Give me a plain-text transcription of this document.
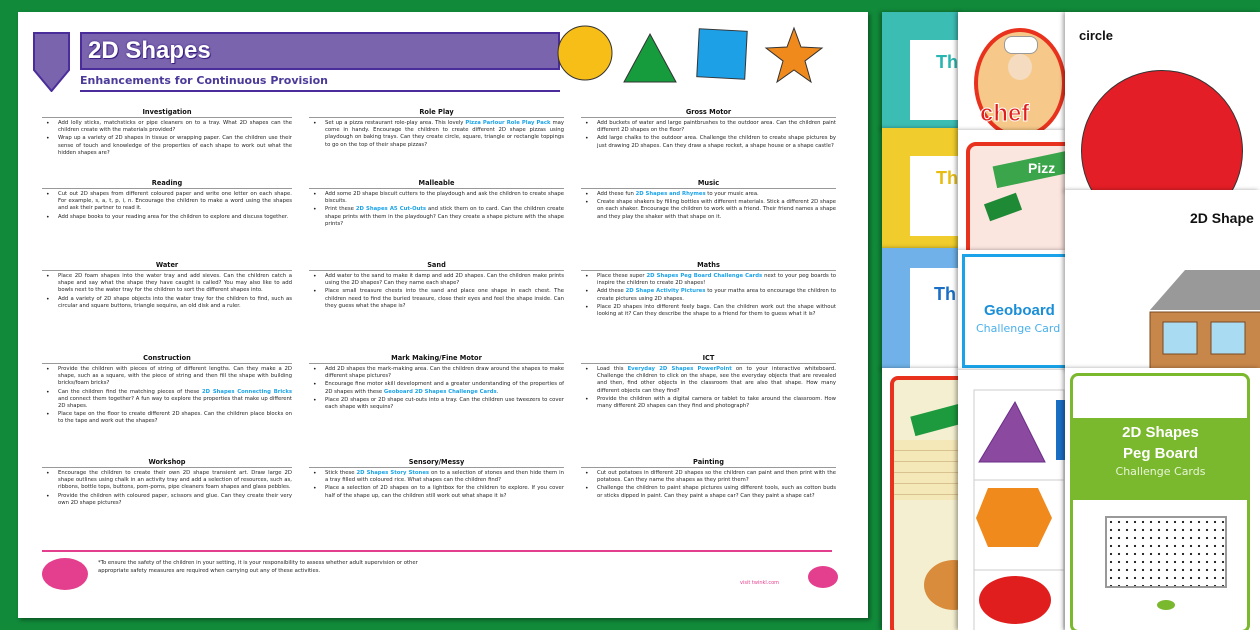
2D Shapes
Enhancements for Continuous Provision
Investigation
• Add lolly sticks, matchsticks or pipe cleaners on to a tray. What 2D shapes can the children create with the materials provided?
• Wrap up a variety of 2D shapes in tissue or wrapping paper. Can the children use their sense of touch and knowledge of the properties of each shape to work out what the hidden shapes are?
Role Play
• Set up a pizza restaurant role-play area. This lovely Pizza Parlour Role Play Pack may come in handy. Encourage the children to create different 2D shape pizzas using playdough on baking trays. Can they create circle, square, triangle or rectangle toppings to go on the top of their shape pizzas?
Gross Motor
• Add buckets of water and large paintbrushes to the outdoor area. Can the children paint different 2D shapes on the floor?
• Add large chalks to the outdoor area. Challenge the children to create shape pictures by just drawing 2D shapes. Can they draw a shape rocket, a shape house or a shape castle?
Reading
• Cut out 2D shapes from different coloured paper and write one letter on each shape. For example, s, a, t, p, i, n. Encourage the children to make a word using the shapes and ask their partner to read it.
• Add shape books to your reading area for the children to explore and discuss together.
Malleable
• Add some 2D shape biscuit cutters to the playdough and ask the children to create shape biscuits.
• Print these 2D Shapes A5 Cut-Outs and stick them on to card. Can the children create shape prints with them in the playdough? Can they create a shape picture with the shape prints?
Music
• Add these fun 2D Shapes and Rhymes to your music area.
• Create shape shakers by filling bottles with different materials. Stick a different 2D shape on each shaker. Encourage the children to work with a friend. Their friend names a shape and they play the shaker with that shape on it.
Water
• Place 2D foam shapes into the water tray and add sieves. Can the children catch a shape and say what the shape they have caught is called? You may also like to add bowls next to the water tray for the children to sort the different shapes into.
• Add a variety of 2D shape objects into the water tray for the children to find, such as circular and square buttons, triangle sequins, an old disk and a ruler.
Sand
• Add water to the sand to make it damp and add 2D shapes. Can the children make prints using the 2D shapes? Can they name each shape?
• Place small treasure chests into the sand and place one shape in each chest. The children need to find the buried treasure, close their eyes and feel the shape inside. Can they guess what the shape is?
Maths
• Place these super 2D Shapes Peg Board Challenge Cards next to your peg boards to inspire the children to create 2D shapes!
• Add these 2D Shape Activity Pictures to your maths area to encourage the children to create pictures using 2D shapes.
• Place 2D shapes into different feely bags. Can the children work out the shape without looking at it? Can they describe the shape to a friend for them to guess what it is?
Construction
• Provide the children with pieces of string of different lengths. Can they make a 2D shape, such as a square, with the piece of string and then fill the shape with building bricks/foam bricks?
• Can the children find the matching pieces of these 2D Shapes Connecting Bricks and connect them together? A fun way to explore the properties that make up different 2D shapes.
• Place tape on the floor to create different 2D shapes. Can the children place blocks on to the tape and work out the shapes?
Mark Making/Fine Motor
• Add 2D shapes the mark-making area. Can the children draw around the shapes to make different shape pictures?
• Encourage fine motor skill development and a greater understanding of the properties of 2D shapes with these Geoboard 2D Shapes Challenge Cards.
• Place 2D shapes or 2D shape cut-outs into a tray. Can the children use tweezers to cover each shape with sequins?
ICT
• Load this Everyday 2D Shapes PowerPoint on to your interactive whiteboard. Challenge the children to click on the shape, see the everyday objects that are revealed and then, find other objects in the classroom that are also that shape. How many different objects can they find?
• Provide the children with a digital camera or tablet to take around the classroom. How many different 2D shapes can they find and photograph?
Workshop
• Encourage the children to create their own 2D shape transient art. Draw large 2D shape outlines using chalk in an activity tray and add a selection of resources, such as, ribbons, bottle tops, buttons, pom-poms, pipe cleaners foam shapes and glass pebbles.
• Provide the children with coloured paper, scissors and glue. Can they create their very own 2D shape pictures?
Sensory/Messy
• Stick these 2D Shapes Story Stones on to a selection of stones and then hide them in a tray filled with coloured rice. What shapes can the children find?
• Place a selection of 2D shapes on to a lightbox for the children to explore. If you cover half of the shape up, can the children still work out what shape it is?
Painting
• Cut out potatoes in different 2D shapes so the children can paint and then print with the potatoes. Can they name the shapes as they print them?
• Challenge the children to paint shape pictures using different tools, such as cotton buds or sticks dipped in paint. Can they paint a shape car? Can they paint a shape cat?
*To ensure the safety of the children in your setting, it is your responsibility to assess whether adult supervision or other appropriate safety measures are required when carrying out any of these activities.
visit twinkl.com
Th
Th
Th
chef
Pizz
Geoboard
Challenge Card
circle
2D Shape
2D Shapes
Peg Board
Challenge Cards
